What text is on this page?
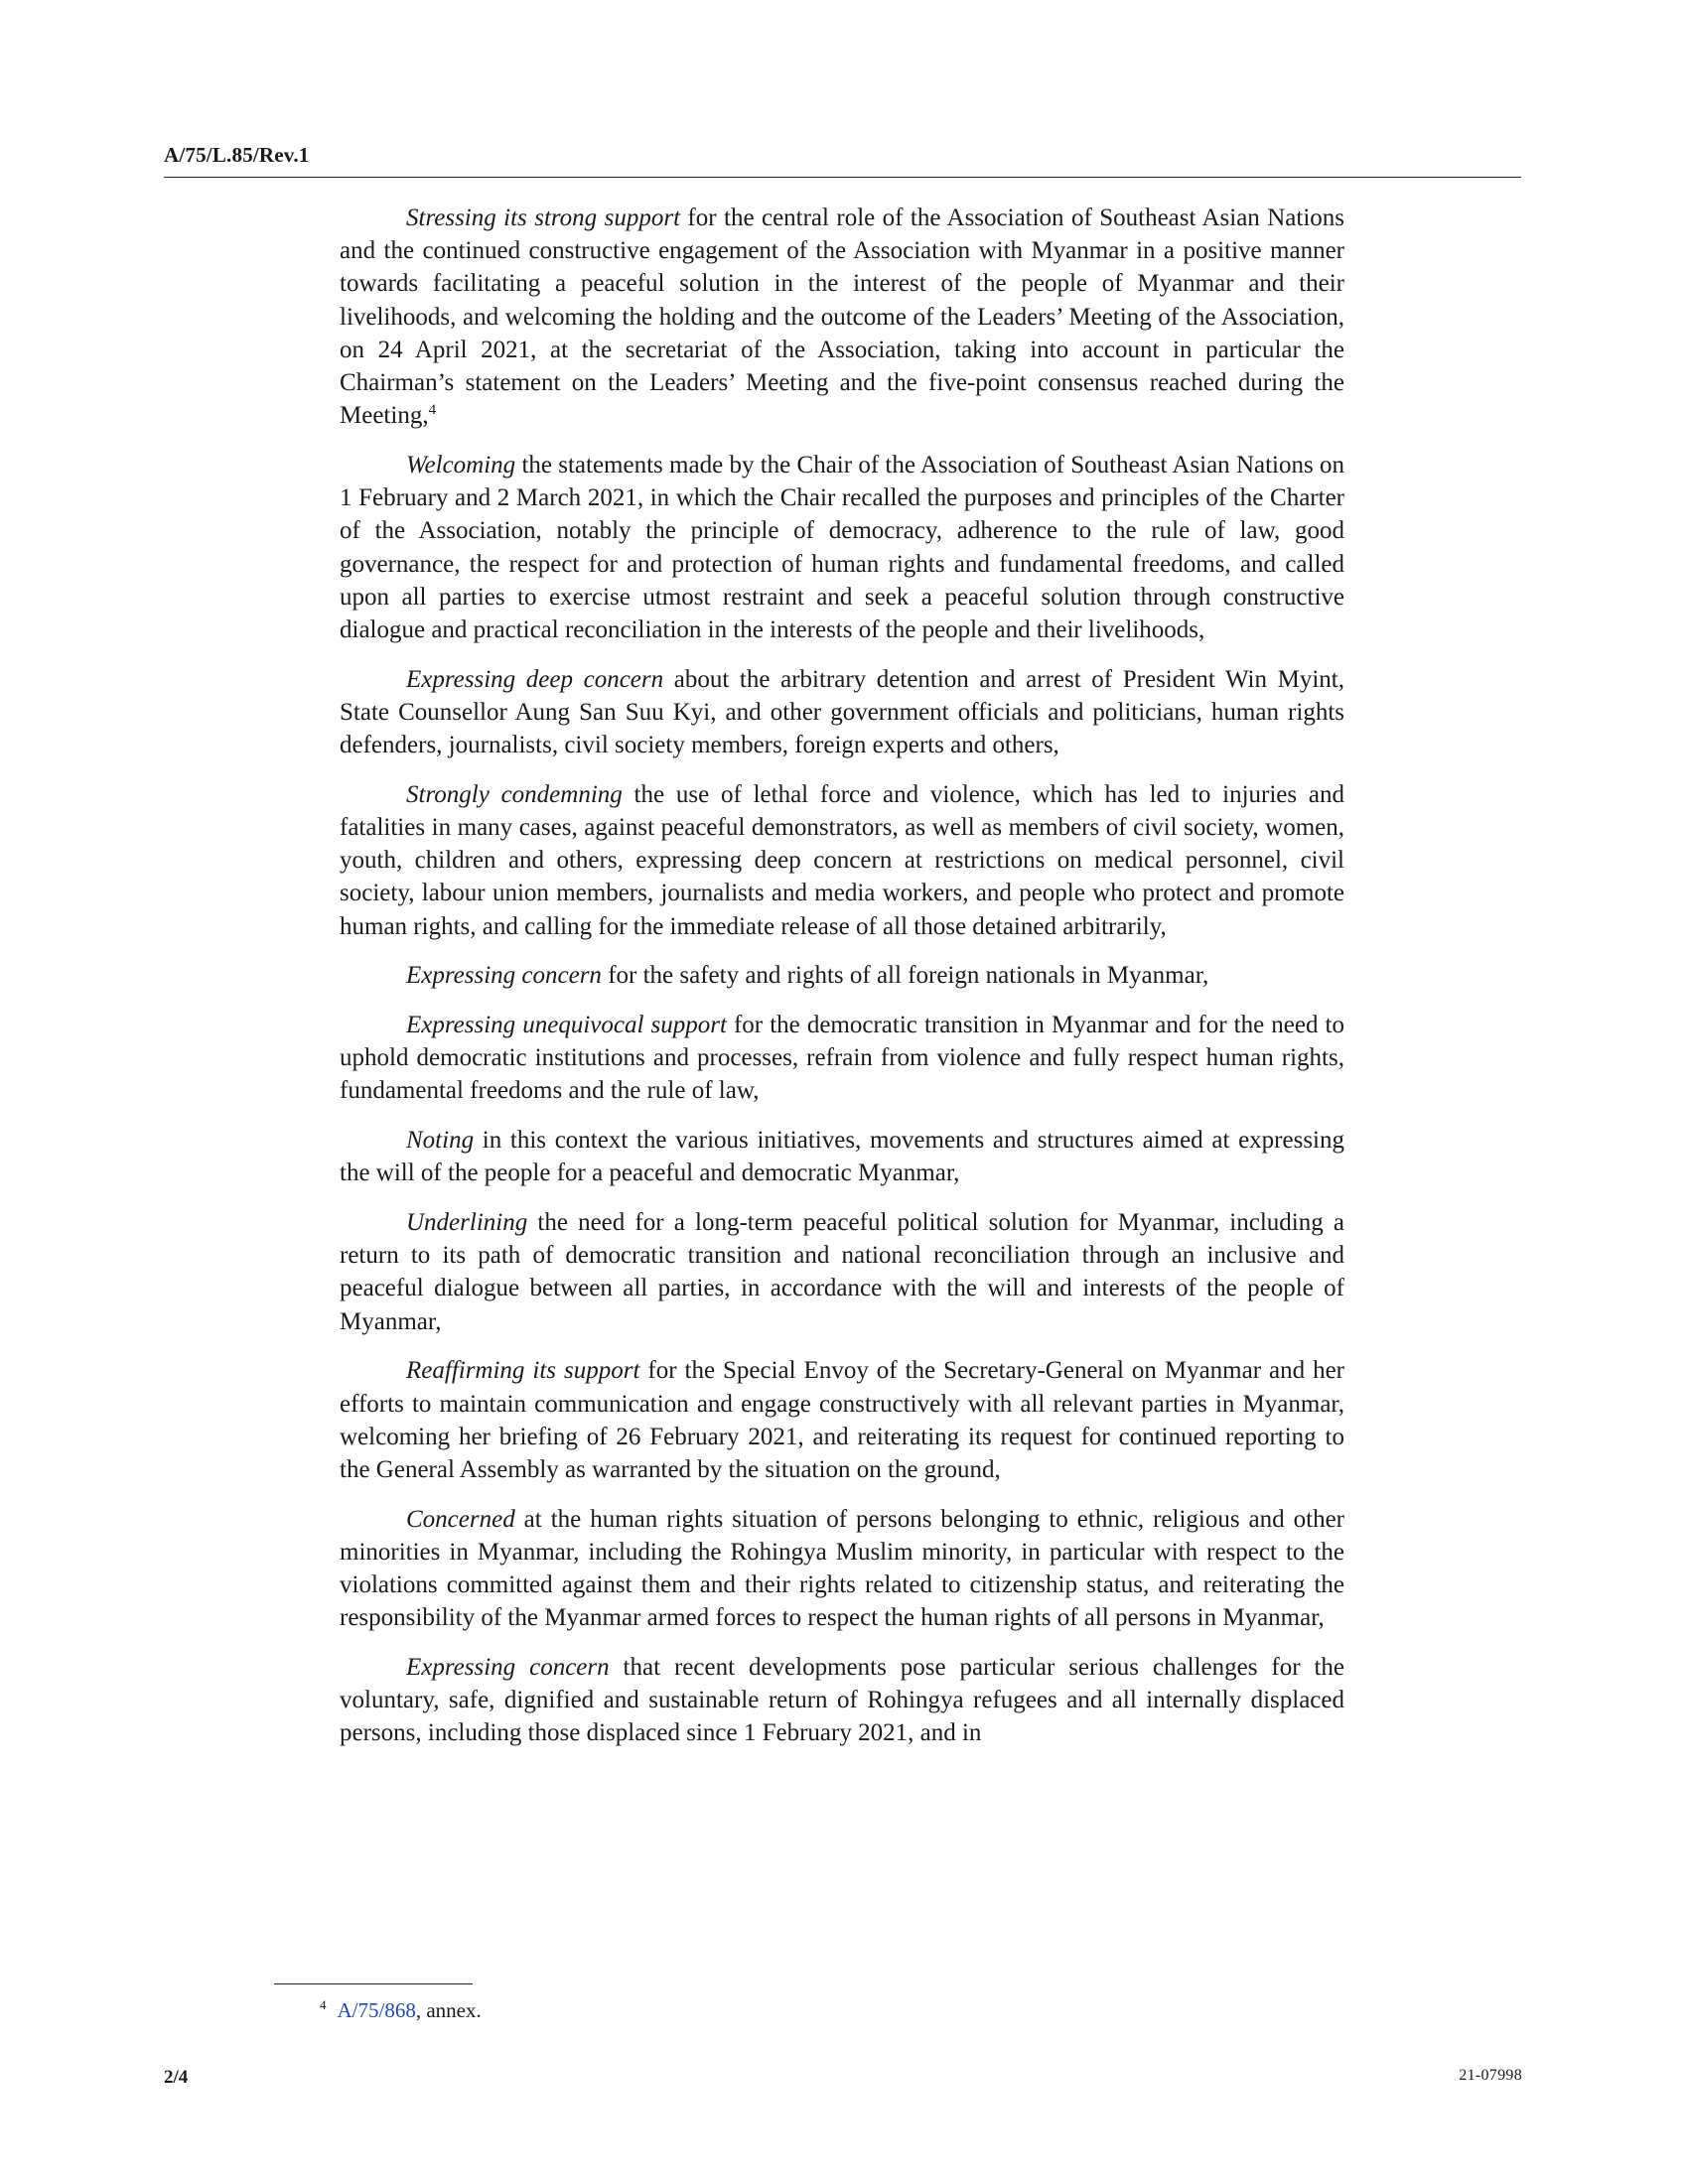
A/75/L.85/Rev.1

Stressing its strong support for the central role of the Association of Southeast Asian Nations and the continued constructive engagement of the Association with Myanmar in a positive manner towards facilitating a peaceful solution in the interest of the people of Myanmar and their livelihoods, and welcoming the holding and the outcome of the Leaders’ Meeting of the Association, on 24 April 2021, at the secretariat of the Association, taking into account in particular the Chairman’s statement on the Leaders’ Meeting and the five-point consensus reached during the Meeting,$^4$

Welcoming the statements made by the Chair of the Association of Southeast Asian Nations on 1 February and 2 March 2021, in which the Chair recalled the purposes and principles of the Charter of the Association, notably the principle of democracy, adherence to the rule of law, good governance, the respect for and protection of human rights and fundamental freedoms, and called upon all parties to exercise utmost restraint and seek a peaceful solution through constructive dialogue and practical reconciliation in the interests of the people and their livelihoods,

Expressing deep concern about the arbitrary detention and arrest of President Win Myint, State Counsellor Aung San Suu Kyi, and other government officials and politicians, human rights defenders, journalists, civil society members, foreign experts and others,

Strongly condemning the use of lethal force and violence, which has led to injuries and fatalities in many cases, against peaceful demonstrators, as well as members of civil society, women, youth, children and others, expressing deep concern at restrictions on medical personnel, civil society, labour union members, journalists and media workers, and people who protect and promote human rights, and calling for the immediate release of all those detained arbitrarily,

Expressing concern for the safety and rights of all foreign nationals in Myanmar,

Expressing unequivocal support for the democratic transition in Myanmar and for the need to uphold democratic institutions and processes, refrain from violence and fully respect human rights, fundamental freedoms and the rule of law,

Noting in this context the various initiatives, movements and structures aimed at expressing the will of the people for a peaceful and democratic Myanmar,

Underlining the need for a long-term peaceful political solution for Myanmar, including a return to its path of democratic transition and national reconciliation through an inclusive and peaceful dialogue between all parties, in accordance with the will and interests of the people of Myanmar,

Reaffirming its support for the Special Envoy of the Secretary-General on Myanmar and her efforts to maintain communication and engage constructively with all relevant parties in Myanmar, welcoming her briefing of 26 February 2021, and reiterating its request for continued reporting to the General Assembly as warranted by the situation on the ground,

Concerned at the human rights situation of persons belonging to ethnic, religious and other minorities in Myanmar, including the Rohingya Muslim minority, in particular with respect to the violations committed against them and their rights related to citizenship status, and reiterating the responsibility of the Myanmar armed forces to respect the human rights of all persons in Myanmar,

Expressing concern that recent developments pose particular serious challenges for the voluntary, safe, dignified and sustainable return of Rohingya refugees and all internally displaced persons, including those displaced since 1 February 2021, and in

$^4$ A/75/868, annex.
2/4	21-07998
